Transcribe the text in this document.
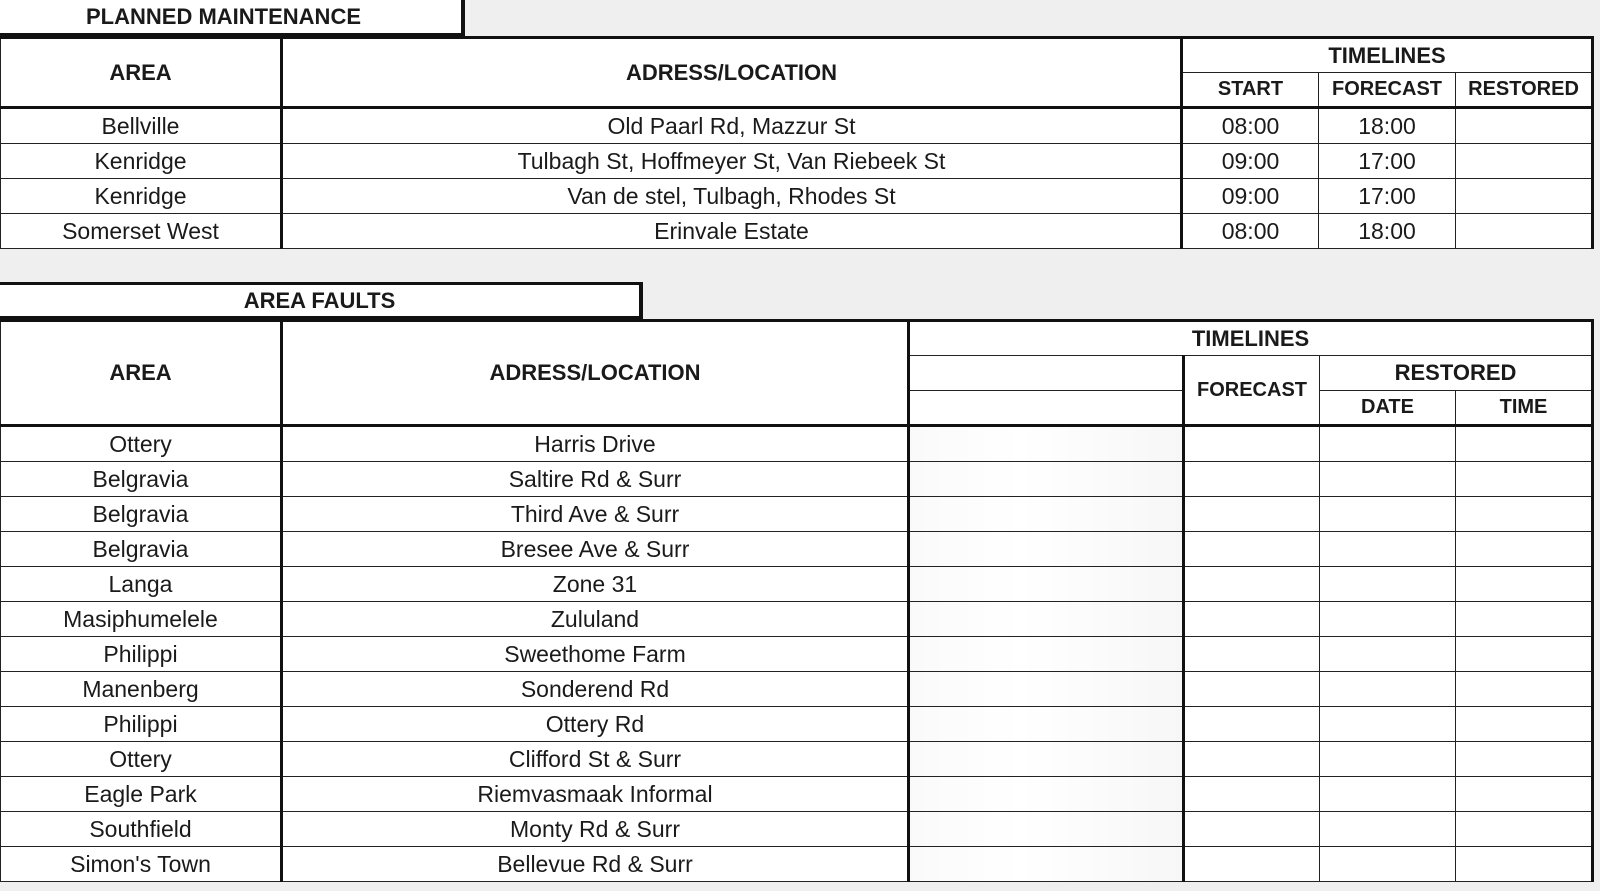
PLANNED MAINTENANCE
AREA	ADRESS/LOCATION	TIMELINES		
		START	FORECAST	RESTORED
Bellville	Old Paarl Rd, Mazzur St	08:00	18:00	
Kenridge	Tulbagh St, Hoffmeyer St, Van Riebeek St	09:00	17:00	
Kenridge	Van de stel, Tulbagh, Rhodes St	09:00	17:00	
Somerset West	Erinvale Estate	08:00	18:00	
AREA FAULTS
AREA	ADRESS/LOCATION	TIMELINES			
			FORECAST	RESTORED	
				DATE	TIME
Ottery	Harris Drive				
Belgravia	Saltire Rd & Surr				
Belgravia	Third Ave & Surr				
Belgravia	Bresee Ave & Surr				
Langa	Zone 31				
Masiphumelele	Zululand				
Philippi	Sweethome Farm				
Manenberg	Sonderend Rd				
Philippi	Ottery Rd				
Ottery	Clifford St & Surr				
Eagle Park	Riemvasmaak Informal				
Southfield	Monty Rd & Surr				
Simon's Town	Bellevue Rd & Surr				
